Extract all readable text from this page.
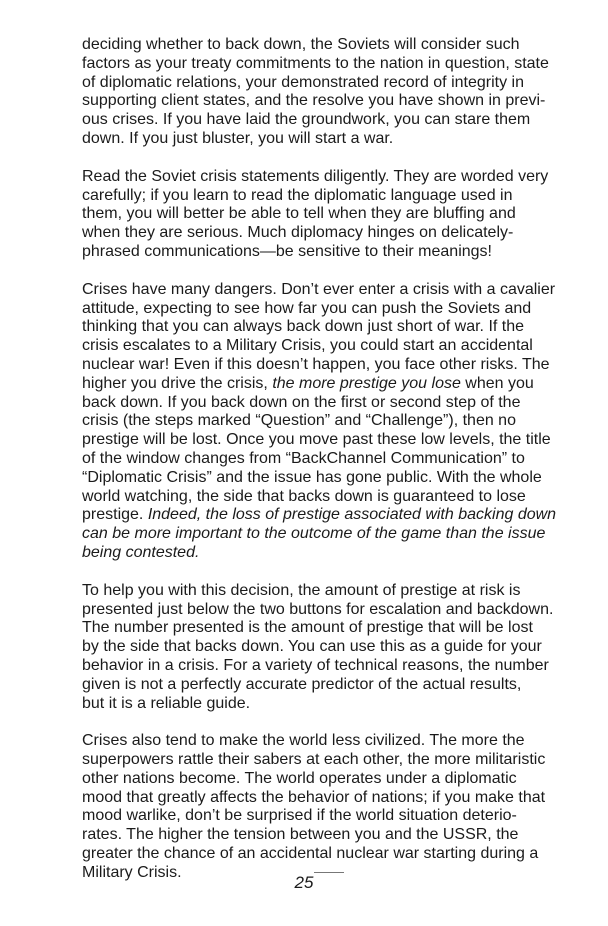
deciding whether to back down, the Soviets will consider such
factors as your treaty commitments to the nation in question, state
of diplomatic relations, your demonstrated record of integrity in
supporting client states, and the resolve you have shown in previ-
ous crises. If you have laid the groundwork, you can stare them
down. If you just bluster, you will start a war.

Read the Soviet crisis statements diligently. They are worded very
carefully; if you learn to read the diplomatic language used in
them, you will better be able to tell when they are bluffing and
when they are serious. Much diplomacy hinges on delicately-
phrased communications—be sensitive to their meanings!

Crises have many dangers. Don’t ever enter a crisis with a cavalier
attitude, expecting to see how far you can push the Soviets and
thinking that you can always back down just short of war. If the
crisis escalates to a Military Crisis, you could start an accidental
nuclear war! Even if this doesn’t happen, you face other risks. The
higher you drive the crisis, the more prestige you lose when you
back down. If you back down on the first or second step of the
crisis (the steps marked “Question” and “Challenge”), then no
prestige will be lost. Once you move past these low levels, the title
of the window changes from “BackChannel Communication” to
“Diplomatic Crisis” and the issue has gone public. With the whole
world watching, the side that backs down is guaranteed to lose
prestige. Indeed, the loss of prestige associated with backing down
can be more important to the outcome of the game than the issue
being contested.

To help you with this decision, the amount of prestige at risk is
presented just below the two buttons for escalation and backdown.
The number presented is the amount of prestige that will be lost
by the side that backs down. You can use this as a guide for your
behavior in a crisis. For a variety of technical reasons, the number
given is not a perfectly accurate predictor of the actual results,
but it is a reliable guide.

Crises also tend to make the world less civilized. The more the
superpowers rattle their sabers at each other, the more militaristic
other nations become. The world operates under a diplomatic
mood that greatly affects the behavior of nations; if you make that
mood warlike, don’t be surprised if the world situation deterio-
rates. The higher the tension between you and the USSR, the
greater the chance of an accidental nuclear war starting during a
Military Crisis.

25
